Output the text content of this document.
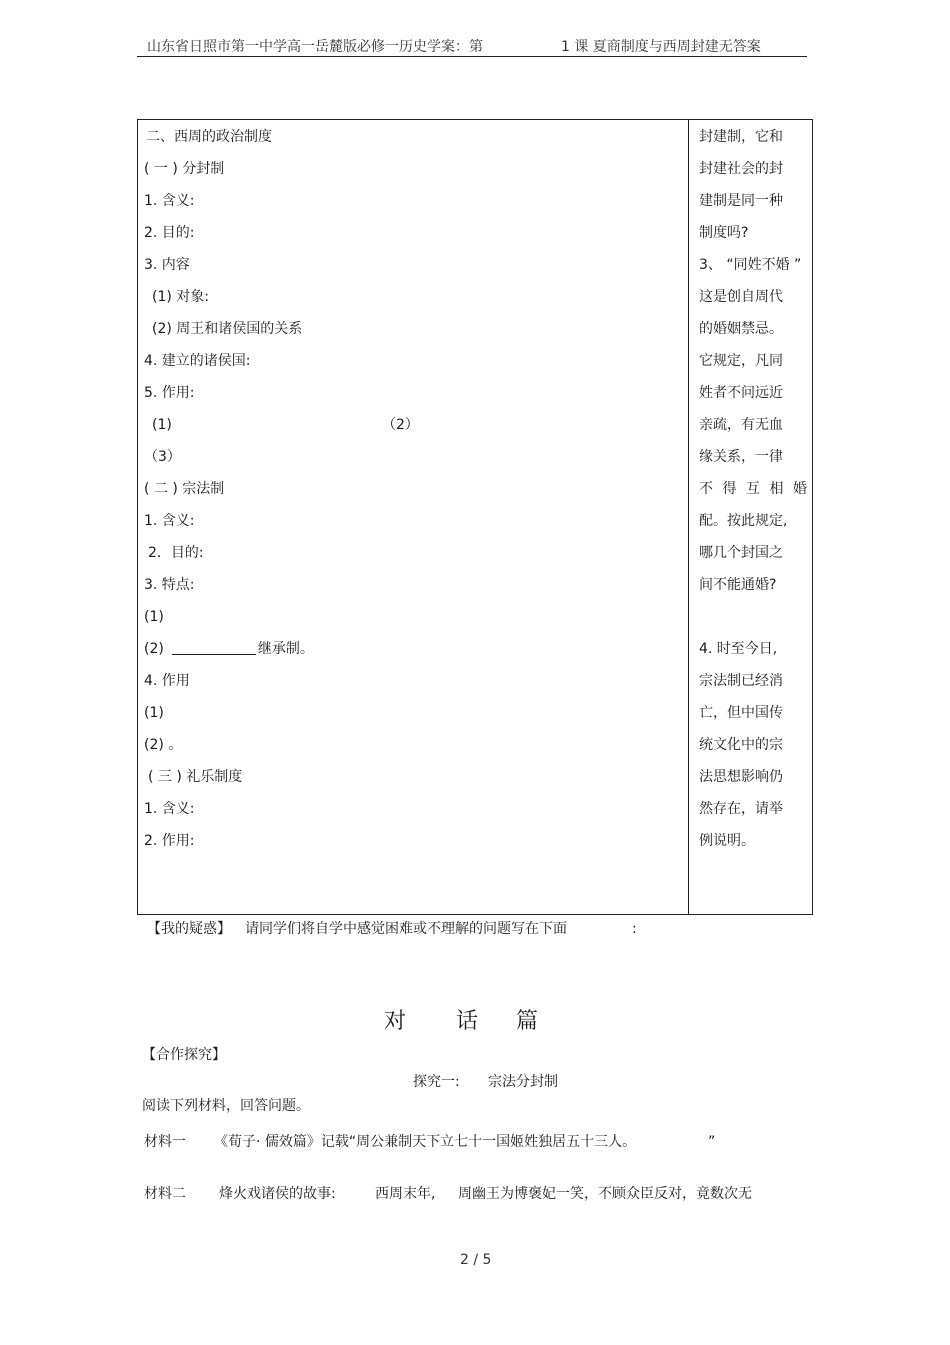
山东省日照市第一中学高一岳麓版必修一历史学案：第	1 课 夏商制度与西周封建无答案
二、西周的政治制度
( 一 ) 分封制
1. 含义:
2. 目的:
3. 内容
(1) 对象:
(2) 周王和诸侯国的关系
4. 建立的诸侯国:
5. 作用:
(1)	（2）
（3）
( 二 ) 宗法制
1. 含义:
2．目的:
3. 特点:
(1)
(2)	继承制。
4. 作用
(1)
(2) 。
( 三 ) 礼乐制度
1. 含义:
2. 作用:
封建制，它和
封建社会的封
建制是同一种
制度吗?
3、 “同姓不婚 ”
这是创自周代
的婚姻禁忌。
它规定，凡同
姓者不问远近
亲疏，有无血
缘关系，一律
不 得 互 相 婚
配。按此规定,
哪几个封国之
间不能通婚?
4. 时至今日,
宗法制已经消
亡，但中国传
统文化中的宗
法思想影响仍
然存在，请举
例说明。
【我的疑惑】 请同学们将自学中感觉困难或不理解的问题写在下面	:
对 话 篇
【合作探究】
探究一: 宗法分封制
阅读下列材料，回答问题。
材料一 《荀子· 儒效篇》记载“周公兼制天下立七十一国姬姓独居五十三人。	”
材料二 烽火戏诸侯的故事:	西周末年, 周幽王为博褒妃一笑，不顾众臣反对，竟数次无
2 / 5
